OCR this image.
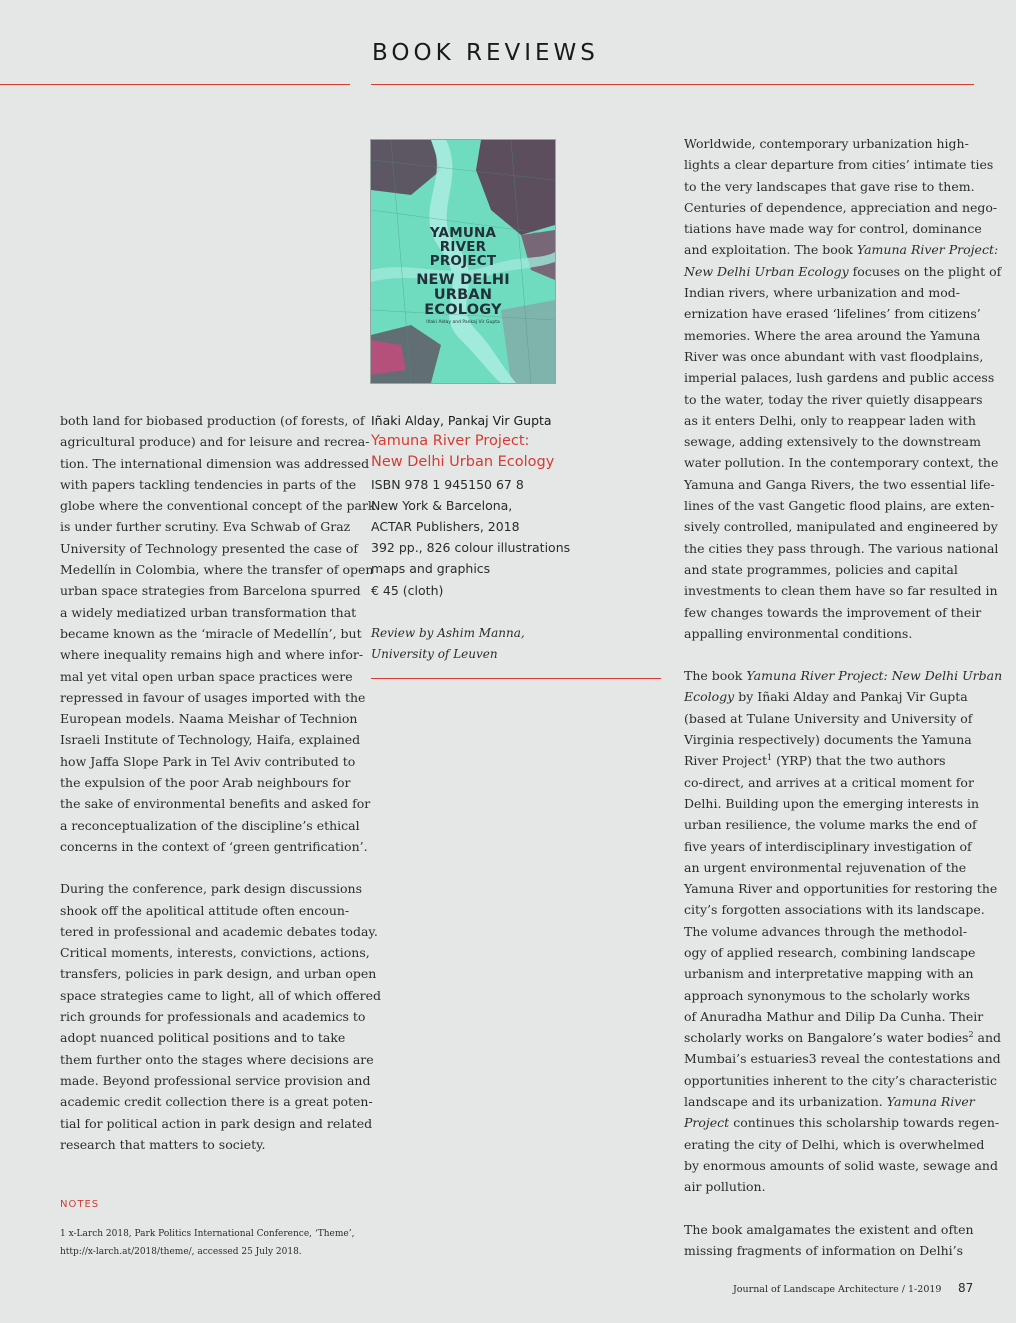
BOOK REVIEWS

both land for biobased production (of forests, of
agricultural produce) and for leisure and recrea-
tion. The international dimension was addressed
with papers tackling tendencies in parts of the
globe where the conventional concept of the park
is under further scrutiny. Eva Schwab of Graz
University of Technology presented the case of
Medellín in Colombia, where the transfer of open
urban space strategies from Barcelona spurred
a widely mediatized urban transformation that
became known as the ‘miracle of Medellín’, but
where inequality remains high and where infor-
mal yet vital open urban space practices were
repressed in favour of usages imported with the
European models. Naama Meishar of Technion
Israeli Institute of Technology, Haifa, explained
how Jaffa Slope Park in Tel Aviv contributed to
the expulsion of the poor Arab neighbours for
the sake of environmental benefits and asked for
a reconceptualization of the discipline’s ethical
concerns in the context of ‘green gentrification’.

During the conference, park design discussions
shook off the apolitical attitude often encoun-
tered in professional and academic debates today.
Critical moments, interests, convictions, actions,
transfers, policies in park design, and urban open
space strategies came to light, all of which offered
rich grounds for professionals and academics to
adopt nuanced political positions and to take
them further onto the stages where decisions are
made. Beyond professional service provision and
academic credit collection there is a great poten-
tial for political action in park design and related
research that matters to society.

NOTES
1 x-Larch 2018, Park Politics International Conference, ‘Theme’,
http://x-larch.at/2018/theme/, accessed 25 July 2018.
YAMUNA
RIVER
PROJECT
NEW DELHI
URBAN
ECOLOGY
Iñaki Alday and Pankaj Vir Gupta
Iñaki Alday, Pankaj Vir Gupta
Yamuna River Project:
New Delhi Urban Ecology
ISBN 978 1 945150 67 8
New York & Barcelona,
ACTAR Publishers, 2018
392 pp., 826 colour illustrations
maps and graphics
€ 45 (cloth)
Review by Ashim Manna,
University of Leuven

Worldwide, contemporary urbanization high-
lights a clear departure from cities’ intimate ties
to the very landscapes that gave rise to them.
Centuries of dependence, appreciation and nego-
tiations have made way for control, dominance
and exploitation. The book Yamuna River Project:
New Delhi Urban Ecology focuses on the plight of
Indian rivers, where urbanization and mod-
ernization have erased ‘lifelines’ from citizens’
memories. Where the area around the Yamuna
River was once abundant with vast floodplains,
imperial palaces, lush gardens and public access
to the water, today the river quietly disappears
as it enters Delhi, only to reappear laden with
sewage, adding extensively to the downstream
water pollution. In the contemporary context, the
Yamuna and Ganga Rivers, the two essential life-
lines of the vast Gangetic flood plains, are exten-
sively controlled, manipulated and engineered by
the cities they pass through. The various national
and state programmes, policies and capital
investments to clean them have so far resulted in
few changes towards the improvement of their
appalling environmental conditions.

The book Yamuna River Project: New Delhi Urban
Ecology by Iñaki Alday and Pankaj Vir Gupta
(based at Tulane University and University of
Virginia respectively) documents the Yamuna
River Project$^1$ (YRP) that the two authors
co-direct, and arrives at a critical moment for
Delhi. Building upon the emerging interests in
urban resilience, the volume marks the end of
five years of interdisciplinary investigation of
an urgent environmental rejuvenation of the
Yamuna River and opportunities for restoring the
city’s forgotten associations with its landscape.
The volume advances through the methodol-
ogy of applied research, combining landscape
urbanism and interpretative mapping with an
approach synonymous to the scholarly works
of Anuradha Mathur and Dilip Da Cunha. Their
scholarly works on Bangalore’s water bodies$^2$ and
Mumbai’s estuaries3 reveal the contestations and
opportunities inherent to the city’s characteristic
landscape and its urbanization. Yamuna River
Project continues this scholarship towards regen-
erating the city of Delhi, which is overwhelmed
by enormous amounts of solid waste, sewage and
air pollution.

The book amalgamates the existent and often
missing fragments of information on Delhi’s

Journal of Landscape Architecture / 1-2019 87
